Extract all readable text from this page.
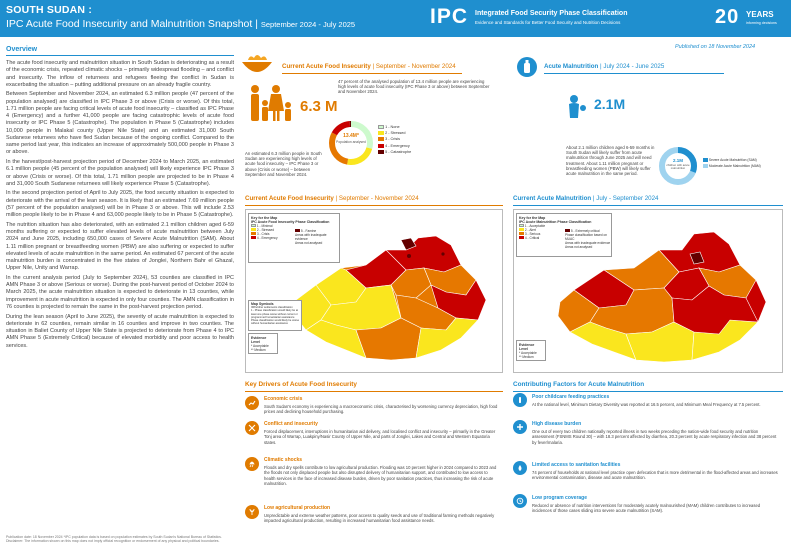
SOUTH SUDAN :
IPC Acute Food Insecurity and Malnutrition Snapshot | September 2024 - July 2025	IPC Integrated Food Security Phase Classification
Evidence and Standards for Better Food Security and Nutrition Decisions	20 YEARS
informing decisions
Published on 18 November 2024
Overview

The acute food insecurity and malnutrition situation in South Sudan is deteriorating as a result of the economic crisis, repeated climatic shocks – primarily widespread flooding – and conflict and insecurity. The inflow of returnees and refugees fleeing the conflict in Sudan is exacerbating the situation – putting additional pressure on an already fragile country.

Between September and November 2024, an estimated 6.3 million people (47 percent of the population analysed) are classified in IPC Phase 3 or above (Crisis or worse). Of this total, 1.71 million people are facing critical levels of acute food insecurity – classified as IPC Phase 4 (Emergency) and a further 41,000 people are facing catastrophic levels of acute food insecurity or IPC Phase 5 (Catastrophe). The population in Phase 5 (Catastrophe) includes 10,000 people in Malakal county (Upper Nile State) and an estimated 31,000 South Sudanese returnees who have fled Sudan because of the ongoing conflict. Compared to the same period last year, this indicates an increase of approximately 500,000 people in Phase 3 or above.

In the harvest/post-harvest projection period of December 2024 to March 2025, an estimated 6.1 million people (45 percent of the population analysed) will likely experience IPC Phase 3 or above (Crisis or worse). Of this total, 1.71 million people are projected to be in Phase 4 and 31,000 South Sudanese returnees will likely experience Phase 5 (Catastrophe).

In the second projection period of April to July 2025, the food security situation is expected to deteriorate with the arrival of the lean season. It is likely that an estimated 7.69 million people (57 percent of the population analysed) will be in Phase 3 or above. This will include 2.53 million people likely to be in Phase 4 and 63,000 people likely to be in Phase 5 (Catastrophe).

The nutrition situation has also deteriorated, with an estimated 2.1 million children aged 6-59 months suffering or expected to suffer elevated levels of acute malnutrition between July 2024 and June 2025, including 650,000 cases of Severe Acute Malnutrition (SAM). About 1.11 million pregnant or breastfeeding women (PBW) are also suffering or expected to suffer elevated levels of acute malnutrition in the same period. An estimated 67 percent of the acute malnutrition burden is concentrated in the five states of Jonglei, Northern Bahr el Ghazal, Upper Nile, Unity and Warrap.

In the current analysis period (July to September 2024), 53 counties are classified in IPC AMN Phase 3 or above (Serious or worse). During the post-harvest period of October 2024 to March 2025, the acute malnutrition situation is expected to deteriorate in 13 counties, while improvement in acute malnutrition is expected in only four counties. The AMN classification in 76 counties is projected to remain the same in the post-harvest projection period.

During the lean season (April to June 2025), the severity of acute malnutrition is expected to deteriorate in 62 counties, remain similar in 16 counties and improve in two counties. The situation in Baliet County of Upper Nile State is projected to deteriorate from Phase 4 to IPC AMN Phase 5 (Extremely Critical) because of elevated morbidity and poor access to health services.

Publication date: 18 November 2024 *IPC population data is based on population estimates by South Sudan's National Bureau of Statistics. Disclaimer: The information shown on this map does not imply official recognition or endorsement of any physical and political boundaries.
Current Acute Food Insecurity | September - November 2024
6.3 M
47 percent of the analysed population of 13.4 million people are experiencing high levels of acute food insecurity (IPC Phase 3 or above) between September and November 2024.
An estimated 6.3 million people in South Sudan are experiencing high levels of acute food insecurity – IPC Phase 3 or above (Crisis or worse) – between September and November 2024.
13.4M*
Population analysed
1 - None
2 - Stressed
3 - Crisis
4 - Emergency
5 - Catastrophe
Acute Malnutrition | July 2024 - June 2025
2.1M
About 2.1 million children aged 6-59 months in South Sudan will likely suffer from acute malnutrition through June 2025 and will need treatment. About 1.11 million pregnant or breastfeeding women (PBW) will likely suffer acute malnutrition in the same period.
2.1M
children with acute malnutrition
Severe Acute Malnutrition (SAM)
Moderate Acute Malnutrition (MAM)
Current Acute Food Insecurity | September - November 2024
Key for the Map
IPC Acute Food Insecurity Phase Classification
1 - Minimal
2 - Stressed
3 - Crisis
4 - Emergency
5 - Famine
Areas with inadequate evidence
Areas not analysed
Map Symbols
IDPs/other settlements classification
1 - Phase classification would likely be at least one phase worse without current or programmed humanitarian assistance
Phase classification would likely be worse without humanitarian assistance
Evidence Level
* Acceptable
** Medium
Current Acute Malnutrition | July - September 2024
Key for the Map
IPC Acute Malnutrition Phase Classification
1 - Acceptable
2 - Alert
3 - Serious
4 - Critical
5 - Extremely critical
Phase classification based on MUAC
Areas with inadequate evidence
Areas not analysed
Evidence Level
* Acceptable
** Medium
Key Drivers of Acute Food Insecurity
Economic crisis
South Sudan's economy is experiencing a macroeconomic crisis, characterised by worsening currency depreciation, high food prices and declining household purchasing.
Conflict and insecurity
Forced displacement, interruptions in humanitarian aid delivery, and localised conflict and insecurity – primarily in the Greater Tonj area of Warrap, Luakpiny/Nasir County of Upper Nile, and parts of Jonglei, Lakes and Central and Western Equatoria states.
Climatic shocks
Floods and dry spells contribute to low agricultural production. Flooding was 10 percent higher in 2024 compared to 2023 and the floods not only displaced people but also disrupted delivery of humanitarian support, and contributed to low access to health services in the face of increased disease burden, driven by poor sanitation practices, thus increasing the risk of acute malnutrition.
Low agricultural production
Unpredictable and extreme weather patterns, poor access to quality seeds and use of traditional farming methods negatively impacted agricultural production, resulting in increased humanitarian food assistance needs.
Contributing Factors for Acute Malnutrition
Poor childcare feeding practices
At the national level, Minimum Dietary Diversity was reported at 16.5 percent, and Minimum Meal Frequency at 7.5 percent.
High disease burden
One out of every two children nationally reported illness in two weeks preceding the nation-wide food security and nutrition assessment (FSNMS Round 30) – with 18.3 percent affected by diarrhea, 20.3 percent by acute respiratory infection and 38 percent by fever/malaria.
Limited access to sanitation facilities
74 percent of households at national level practice open defecation that is more detrimental in the flood-affected areas and increases environmental contamination, disease and acute malnutrition.
Low program coverage
Reduced or absence of nutrition interventions for moderately acutely malnourished (MAM) children contributes to increased incidences of those cases sliding into severe acute malnutrition (SAM).
